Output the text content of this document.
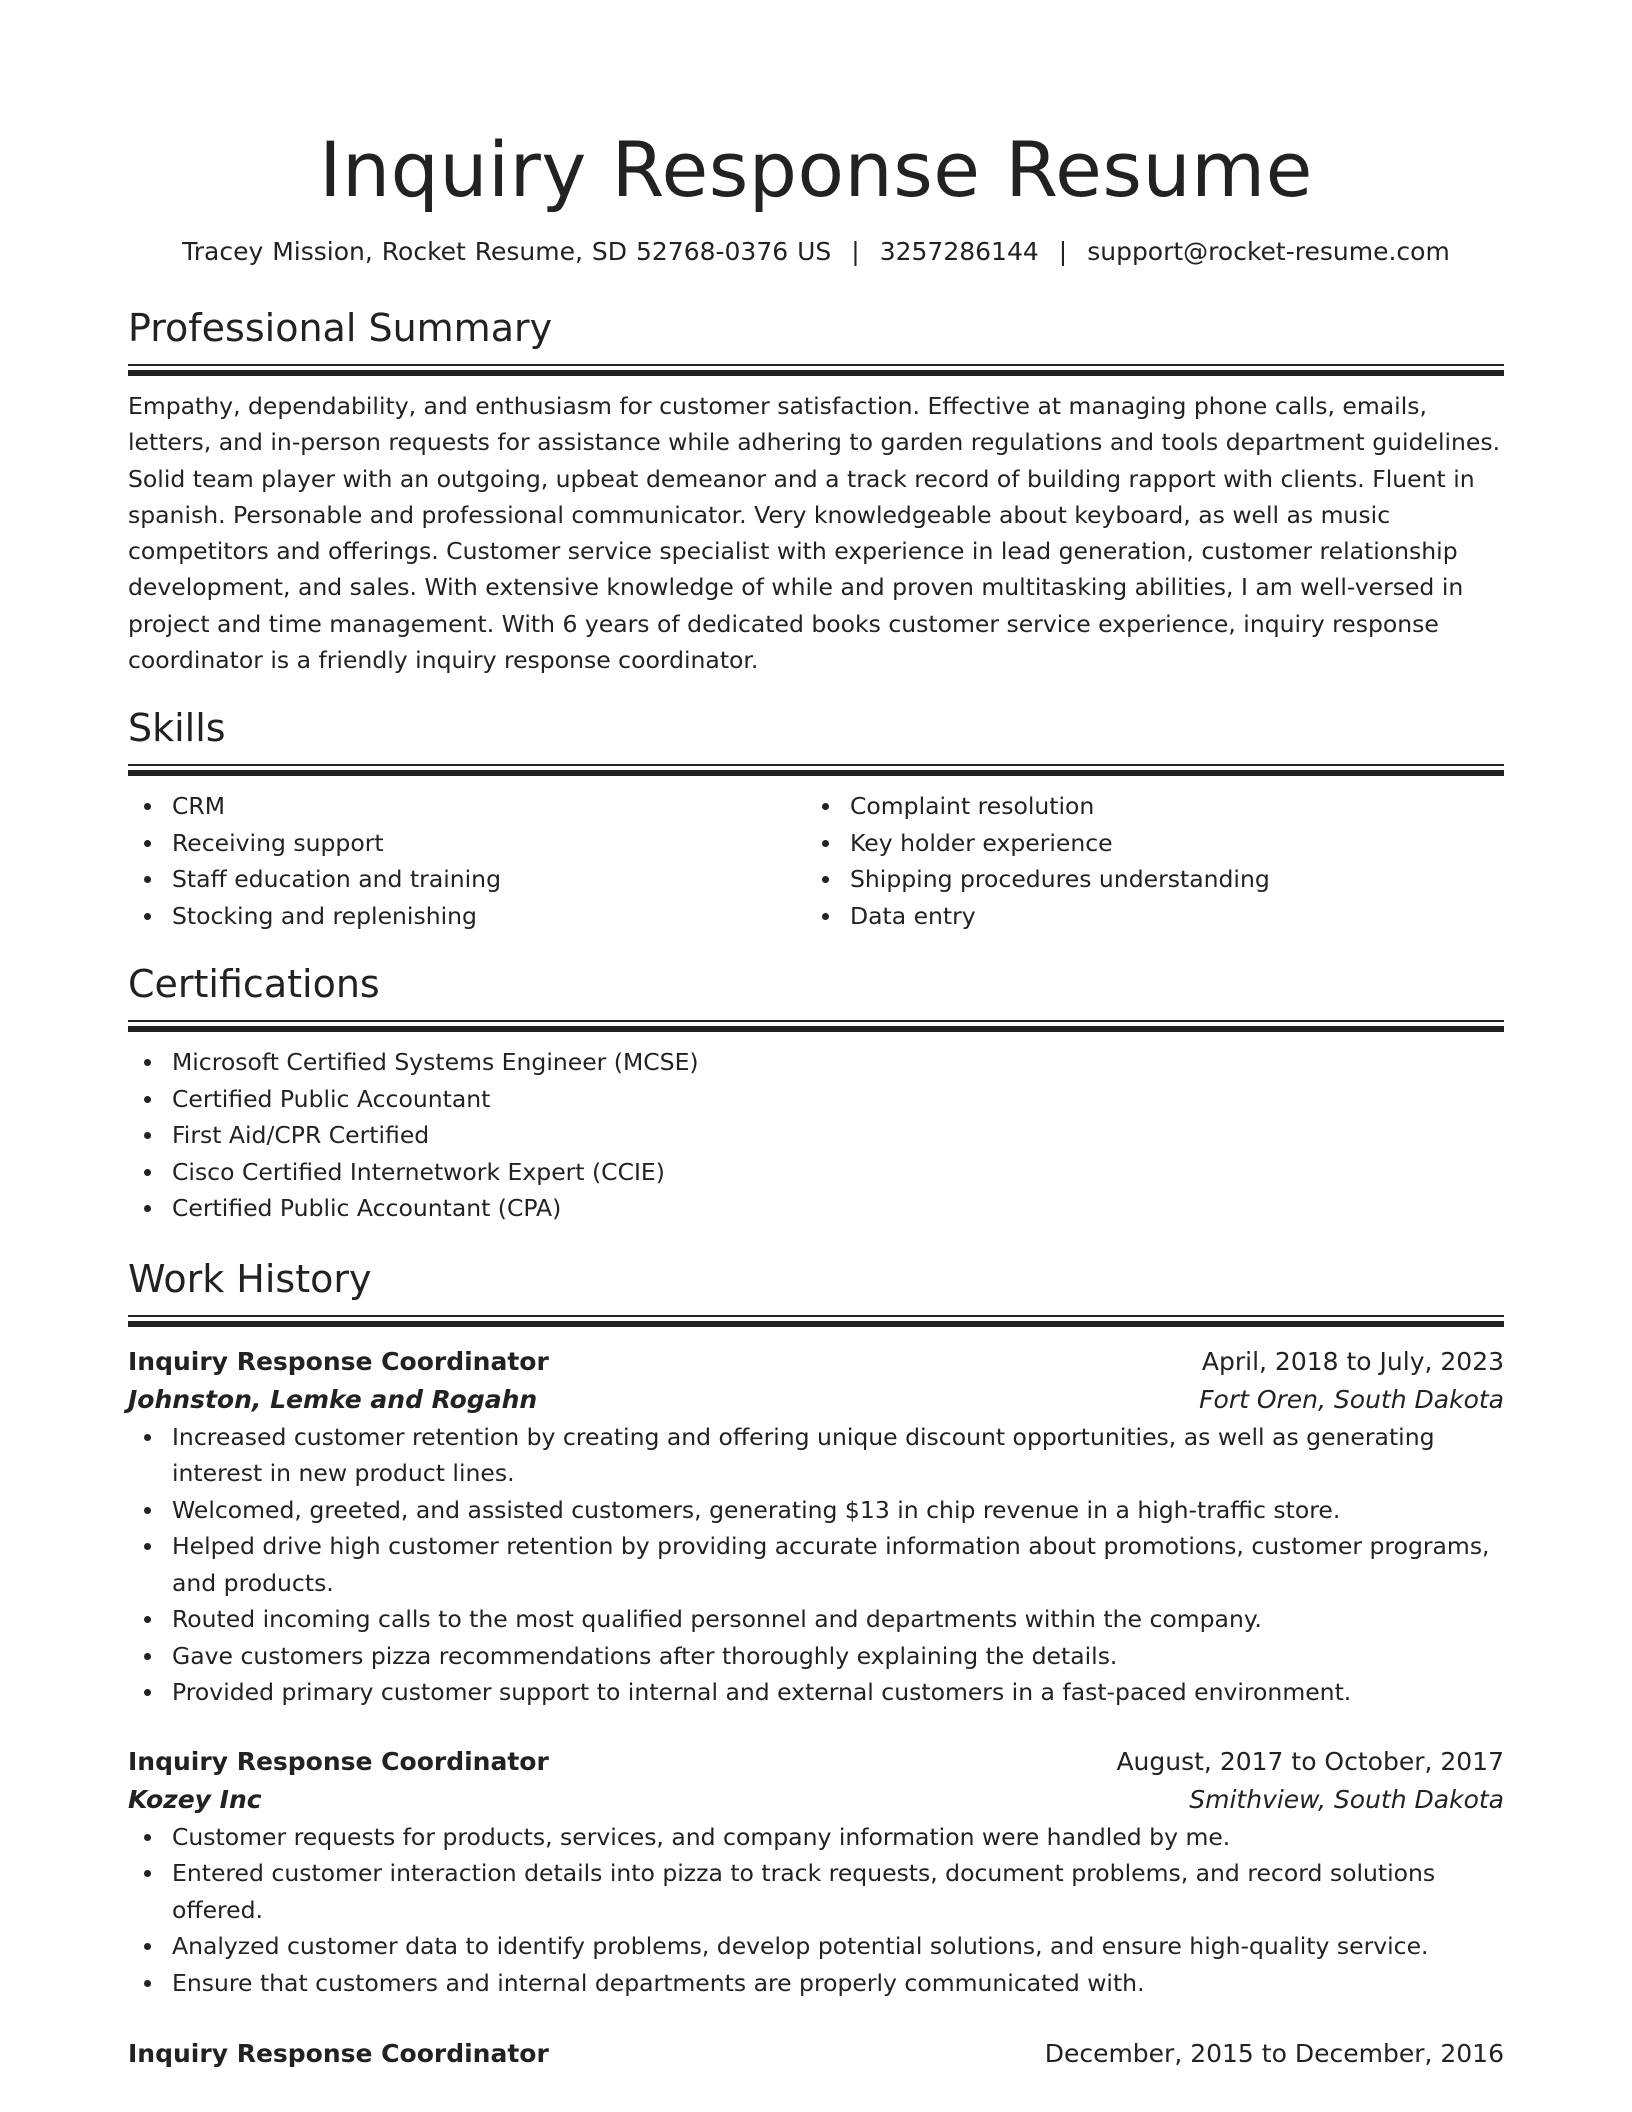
Inquiry Response Resume
Tracey Mission, Rocket Resume, SD 52768-0376 US | 3257286144 | support@rocket-resume.com
Professional Summary
Empathy, dependability, and enthusiasm for customer satisfaction. Effective at managing phone calls, emails, letters, and in-person requests for assistance while adhering to garden regulations and tools department guidelines. Solid team player with an outgoing, upbeat demeanor and a track record of building rapport with clients. Fluent in spanish. Personable and professional communicator. Very knowledgeable about keyboard, as well as music competitors and offerings. Customer service specialist with experience in lead generation, customer relationship development, and sales. With extensive knowledge of while and proven multitasking abilities, I am well-versed in project and time management. With 6 years of dedicated books customer service experience, inquiry response coordinator is a friendly inquiry response coordinator.
Skills
CRM
Receiving support
Staff education and training
Stocking and replenishing
Complaint resolution
Key holder experience
Shipping procedures understanding
Data entry
Certifications
Microsoft Certified Systems Engineer (MCSE)
Certified Public Accountant
First Aid/CPR Certified
Cisco Certified Internetwork Expert (CCIE)
Certified Public Accountant (CPA)
Work History
Inquiry Response Coordinator	April, 2018 to July, 2023
Johnston, Lemke and Rogahn	Fort Oren, South Dakota
Increased customer retention by creating and offering unique discount opportunities, as well as generating interest in new product lines.
Welcomed, greeted, and assisted customers, generating $13 in chip revenue in a high-traffic store.
Helped drive high customer retention by providing accurate information about promotions, customer programs, and products.
Routed incoming calls to the most qualified personnel and departments within the company.
Gave customers pizza recommendations after thoroughly explaining the details.
Provided primary customer support to internal and external customers in a fast-paced environment.
Inquiry Response Coordinator	August, 2017 to October, 2017
Kozey Inc	Smithview, South Dakota
Customer requests for products, services, and company information were handled by me.
Entered customer interaction details into pizza to track requests, document problems, and record solutions offered.
Analyzed customer data to identify problems, develop potential solutions, and ensure high-quality service.
Ensure that customers and internal departments are properly communicated with.
Inquiry Response Coordinator	December, 2015 to December, 2016
